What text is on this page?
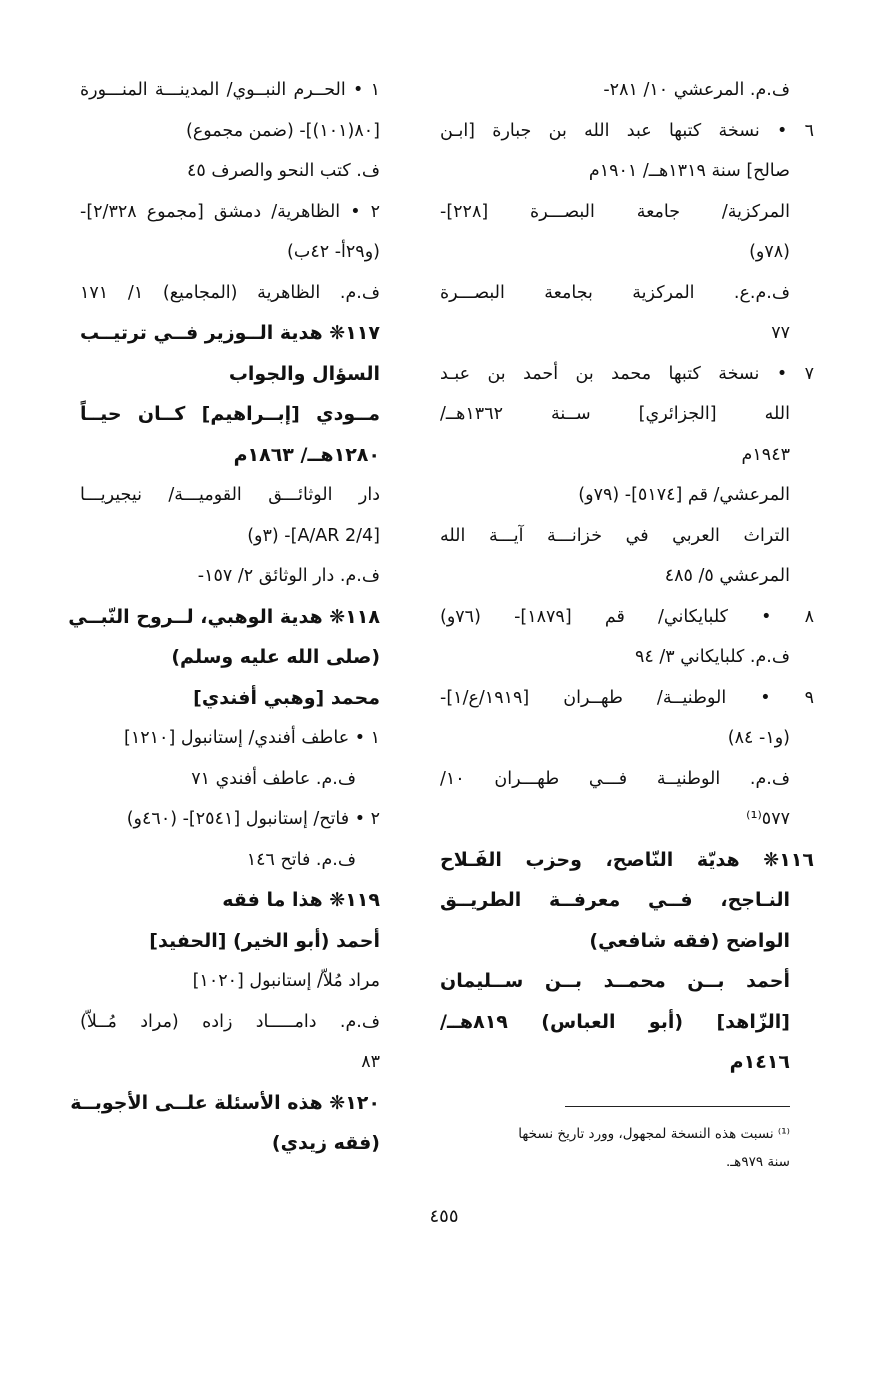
ف.م. المرعشي ١٠/ ٢٨١-
٦ • نسخة كتبها عبد الله بن جبارة [ابـن
صالح] سنة ١٣١٩هــ/ ١٩٠١م
المركزية/ جامعة البصـــرة [٢٢٨]-
(٧٨و)
ف.م.ع. المركزية بجامعة البصـــرة
٧٧
٧ • نسخة كتبها محمد بن أحمد بن عبـد
الله [الجزائري] ســنة ١٣٦٢هــ/
١٩٤٣م
المرعشي/ قم [٥١٧٤]- (٧٩و)
التراث العربي في خزانـــة آيـــة الله
المرعشي ٥/ ٤٨٥
٨ • كلبايكاني/ قم [١٨٧٩]- (٧٦و)
ف.م. كلبايكاني ٣/ ٩٤
٩ • الوطنيــة/ طهــران [١٩١٩/ع/١]-
(و١- ٨٤)
ف.م. الوطنيــة فـــي طهـــران ١٠/
٥٧٧⁽¹⁾
١١٦❋ هديّة النّاصح، وحزب الفَـلاح
النـاجح، فــي معرفــة الطريــق
الواضح (فقه شافعي)
أحمد بــن محمــد بــن ســليمان
[الزّاهد] (أبو العباس) ٨١٩هــ/
١٤١٦م
١ • الحــرم النبــوي/ المدينـــة المنـــورة
[٨٠(١٠١)]- (ضمن مجموع)
ف. كتب النحو والصرف ٤٥
٢ • الظاهرية/ دمشق [مجموع ٢/٣٢٨]-
(و٢٩أ- ٤٢ب)
ف.م. الظاهرية (المجاميع) ١/ ١٧١
١١٧❋ هدية الــوزير فــي ترتيــب
السؤال والجواب
مــودي [إبــراهيم] كــان حيــاً
١٢٨٠هــ/ ١٨٦٣م
دار الوثائـــق القوميـــة/ نيجيريـــا
[A/AR 2/4]- (٣و)
ف.م. دار الوثائق ٢/ ١٥٧-
١١٨❋ هدية الوهبي، لــروح النّبــي
(صلى الله عليه وسلم)
محمد [وهبي أفندي]
١ • عاطف أفندي/ إستانبول [١٢١٠]
ف.م. عاطف أفندي ٧١
٢ • فاتح/ إستانبول [٢٥٤١]- (٤٦٠و)
ف.م. فاتح ١٤٦
١١٩❋ هذا ما فقه
أحمد (أبو الخير) [الحفيد]
مراد مُلاّ/ إستانبول [١٠٢٠]
ف.م. دامـــــاد زاده (مراد مُــلاّ)
٨٣
١٢٠❋ هذه الأسئلة علــى الأجوبــة
(فقه زيدي)	⁽¹⁾ نسبت هذه النسخة لمجهول، وورد تاريخ نسخها
سنة ٩٧٩هـ.
٤٥٥
